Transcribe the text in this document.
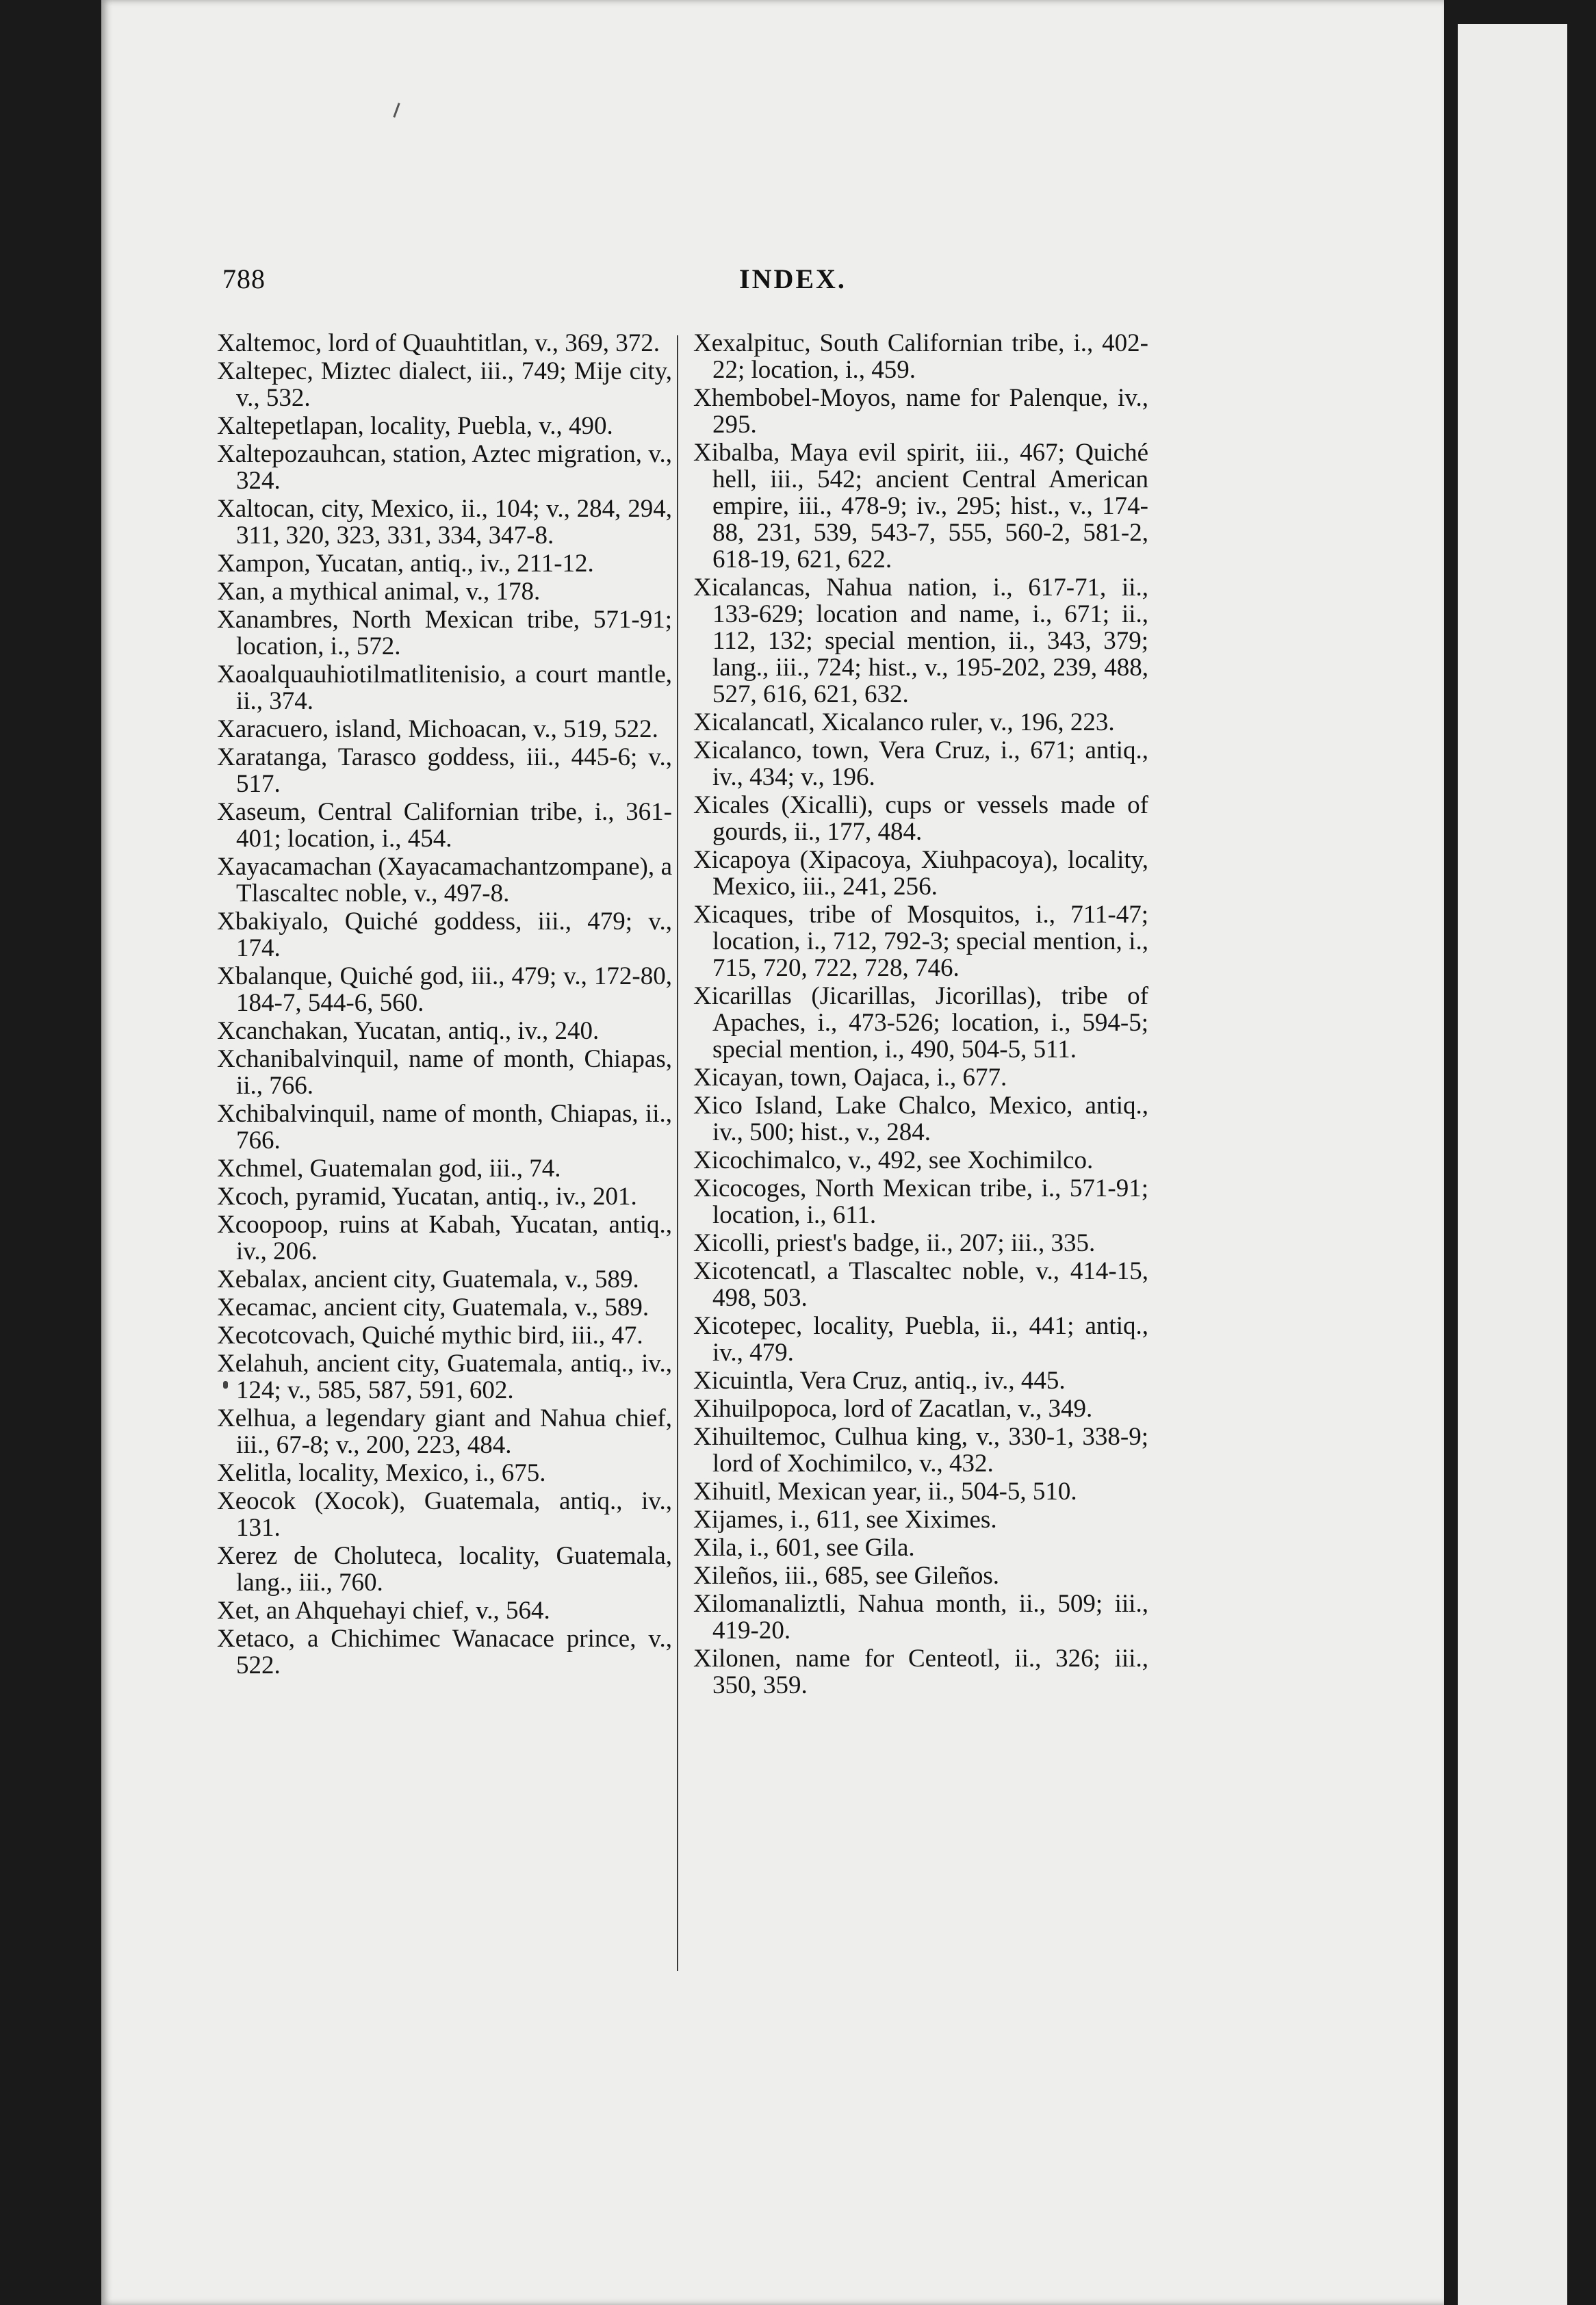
788	INDEX.
Xaltemoc, lord of Quauhtitlan, v., 369, 372.
Xaltepec, Miztec dialect, iii., 749; Mije city, v., 532.
Xaltepetlapan, locality, Puebla, v., 490.
Xaltepozauhcan, station, Aztec migration, v., 324.
Xaltocan, city, Mexico, ii., 104; v., 284, 294, 311, 320, 323, 331, 334, 347-8.
Xampon, Yucatan, antiq., iv., 211-12.
Xan, a mythical animal, v., 178.
Xanambres, North Mexican tribe, 571-91; location, i., 572.
Xaoalquauhiotilmatlitenisio, a court mantle, ii., 374.
Xaracuero, island, Michoacan, v., 519, 522.
Xaratanga, Tarasco goddess, iii., 445-6; v., 517.
Xaseum, Central Californian tribe, i., 361-401; location, i., 454.
Xayacamachan (Xayacamachantzompane), a Tlascaltec noble, v., 497-8.
Xbakiyalo, Quiché goddess, iii., 479; v., 174.
Xbalanque, Quiché god, iii., 479; v., 172-80, 184-7, 544-6, 560.
Xcanchakan, Yucatan, antiq., iv., 240.
Xchanibalvinquil, name of month, Chiapas, ii., 766.
Xchibalvinquil, name of month, Chiapas, ii., 766.
Xchmel, Guatemalan god, iii., 74.
Xcoch, pyramid, Yucatan, antiq., iv., 201.
Xcoopoop, ruins at Kabah, Yucatan, antiq., iv., 206.
Xebalax, ancient city, Guatemala, v., 589.
Xecamac, ancient city, Guatemala, v., 589.
Xecotcovach, Quiché mythic bird, iii., 47.
Xelahuh, ancient city, Guatemala, antiq., iv., 124; v., 585, 587, 591, 602.
Xelhua, a legendary giant and Nahua chief, iii., 67-8; v., 200, 223, 484.
Xelitla, locality, Mexico, i., 675.
Xeocok (Xocok), Guatemala, antiq., iv., 131.
Xerez de Choluteca, locality, Guatemala, lang., iii., 760.
Xet, an Ahquehayi chief, v., 564.
Xetaco, a Chichimec Wanacace prince, v., 522.
Xexalpituc, South Californian tribe, i., 402-22; location, i., 459.
Xhembobel-Moyos, name for Palenque, iv., 295.
Xibalba, Maya evil spirit, iii., 467; Quiché hell, iii., 542; ancient Central American empire, iii., 478-9; iv., 295; hist., v., 174-88, 231, 539, 543-7, 555, 560-2, 581-2, 618-19, 621, 622.
Xicalancas, Nahua nation, i., 617-71, ii., 133-629; location and name, i., 671; ii., 112, 132; special mention, ii., 343, 379; lang., iii., 724; hist., v., 195-202, 239, 488, 527, 616, 621, 632.
Xicalancatl, Xicalanco ruler, v., 196, 223.
Xicalanco, town, Vera Cruz, i., 671; antiq., iv., 434; v., 196.
Xicales (Xicalli), cups or vessels made of gourds, ii., 177, 484.
Xicapoya (Xipacoya, Xiuhpacoya), locality, Mexico, iii., 241, 256.
Xicaques, tribe of Mosquitos, i., 711-47; location, i., 712, 792-3; special mention, i., 715, 720, 722, 728, 746.
Xicarillas (Jicarillas, Jicorillas), tribe of Apaches, i., 473-526; location, i., 594-5; special mention, i., 490, 504-5, 511.
Xicayan, town, Oajaca, i., 677.
Xico Island, Lake Chalco, Mexico, antiq., iv., 500; hist., v., 284.
Xicochimalco, v., 492, see Xochimilco.
Xicocoges, North Mexican tribe, i., 571-91; location, i., 611.
Xicolli, priest's badge, ii., 207; iii., 335.
Xicotencatl, a Tlascaltec noble, v., 414-15, 498, 503.
Xicotepec, locality, Puebla, ii., 441; antiq., iv., 479.
Xicuintla, Vera Cruz, antiq., iv., 445.
Xihuilpopoca, lord of Zacatlan, v., 349.
Xihuiltemoc, Culhua king, v., 330-1, 338-9; lord of Xochimilco, v., 432.
Xihuitl, Mexican year, ii., 504-5, 510.
Xijames, i., 611, see Xiximes.
Xila, i., 601, see Gila.
Xileños, iii., 685, see Gileños.
Xilomanaliztli, Nahua month, ii., 509; iii., 419-20.
Xilonen, name for Centeotl, ii., 326; iii., 350, 359.
